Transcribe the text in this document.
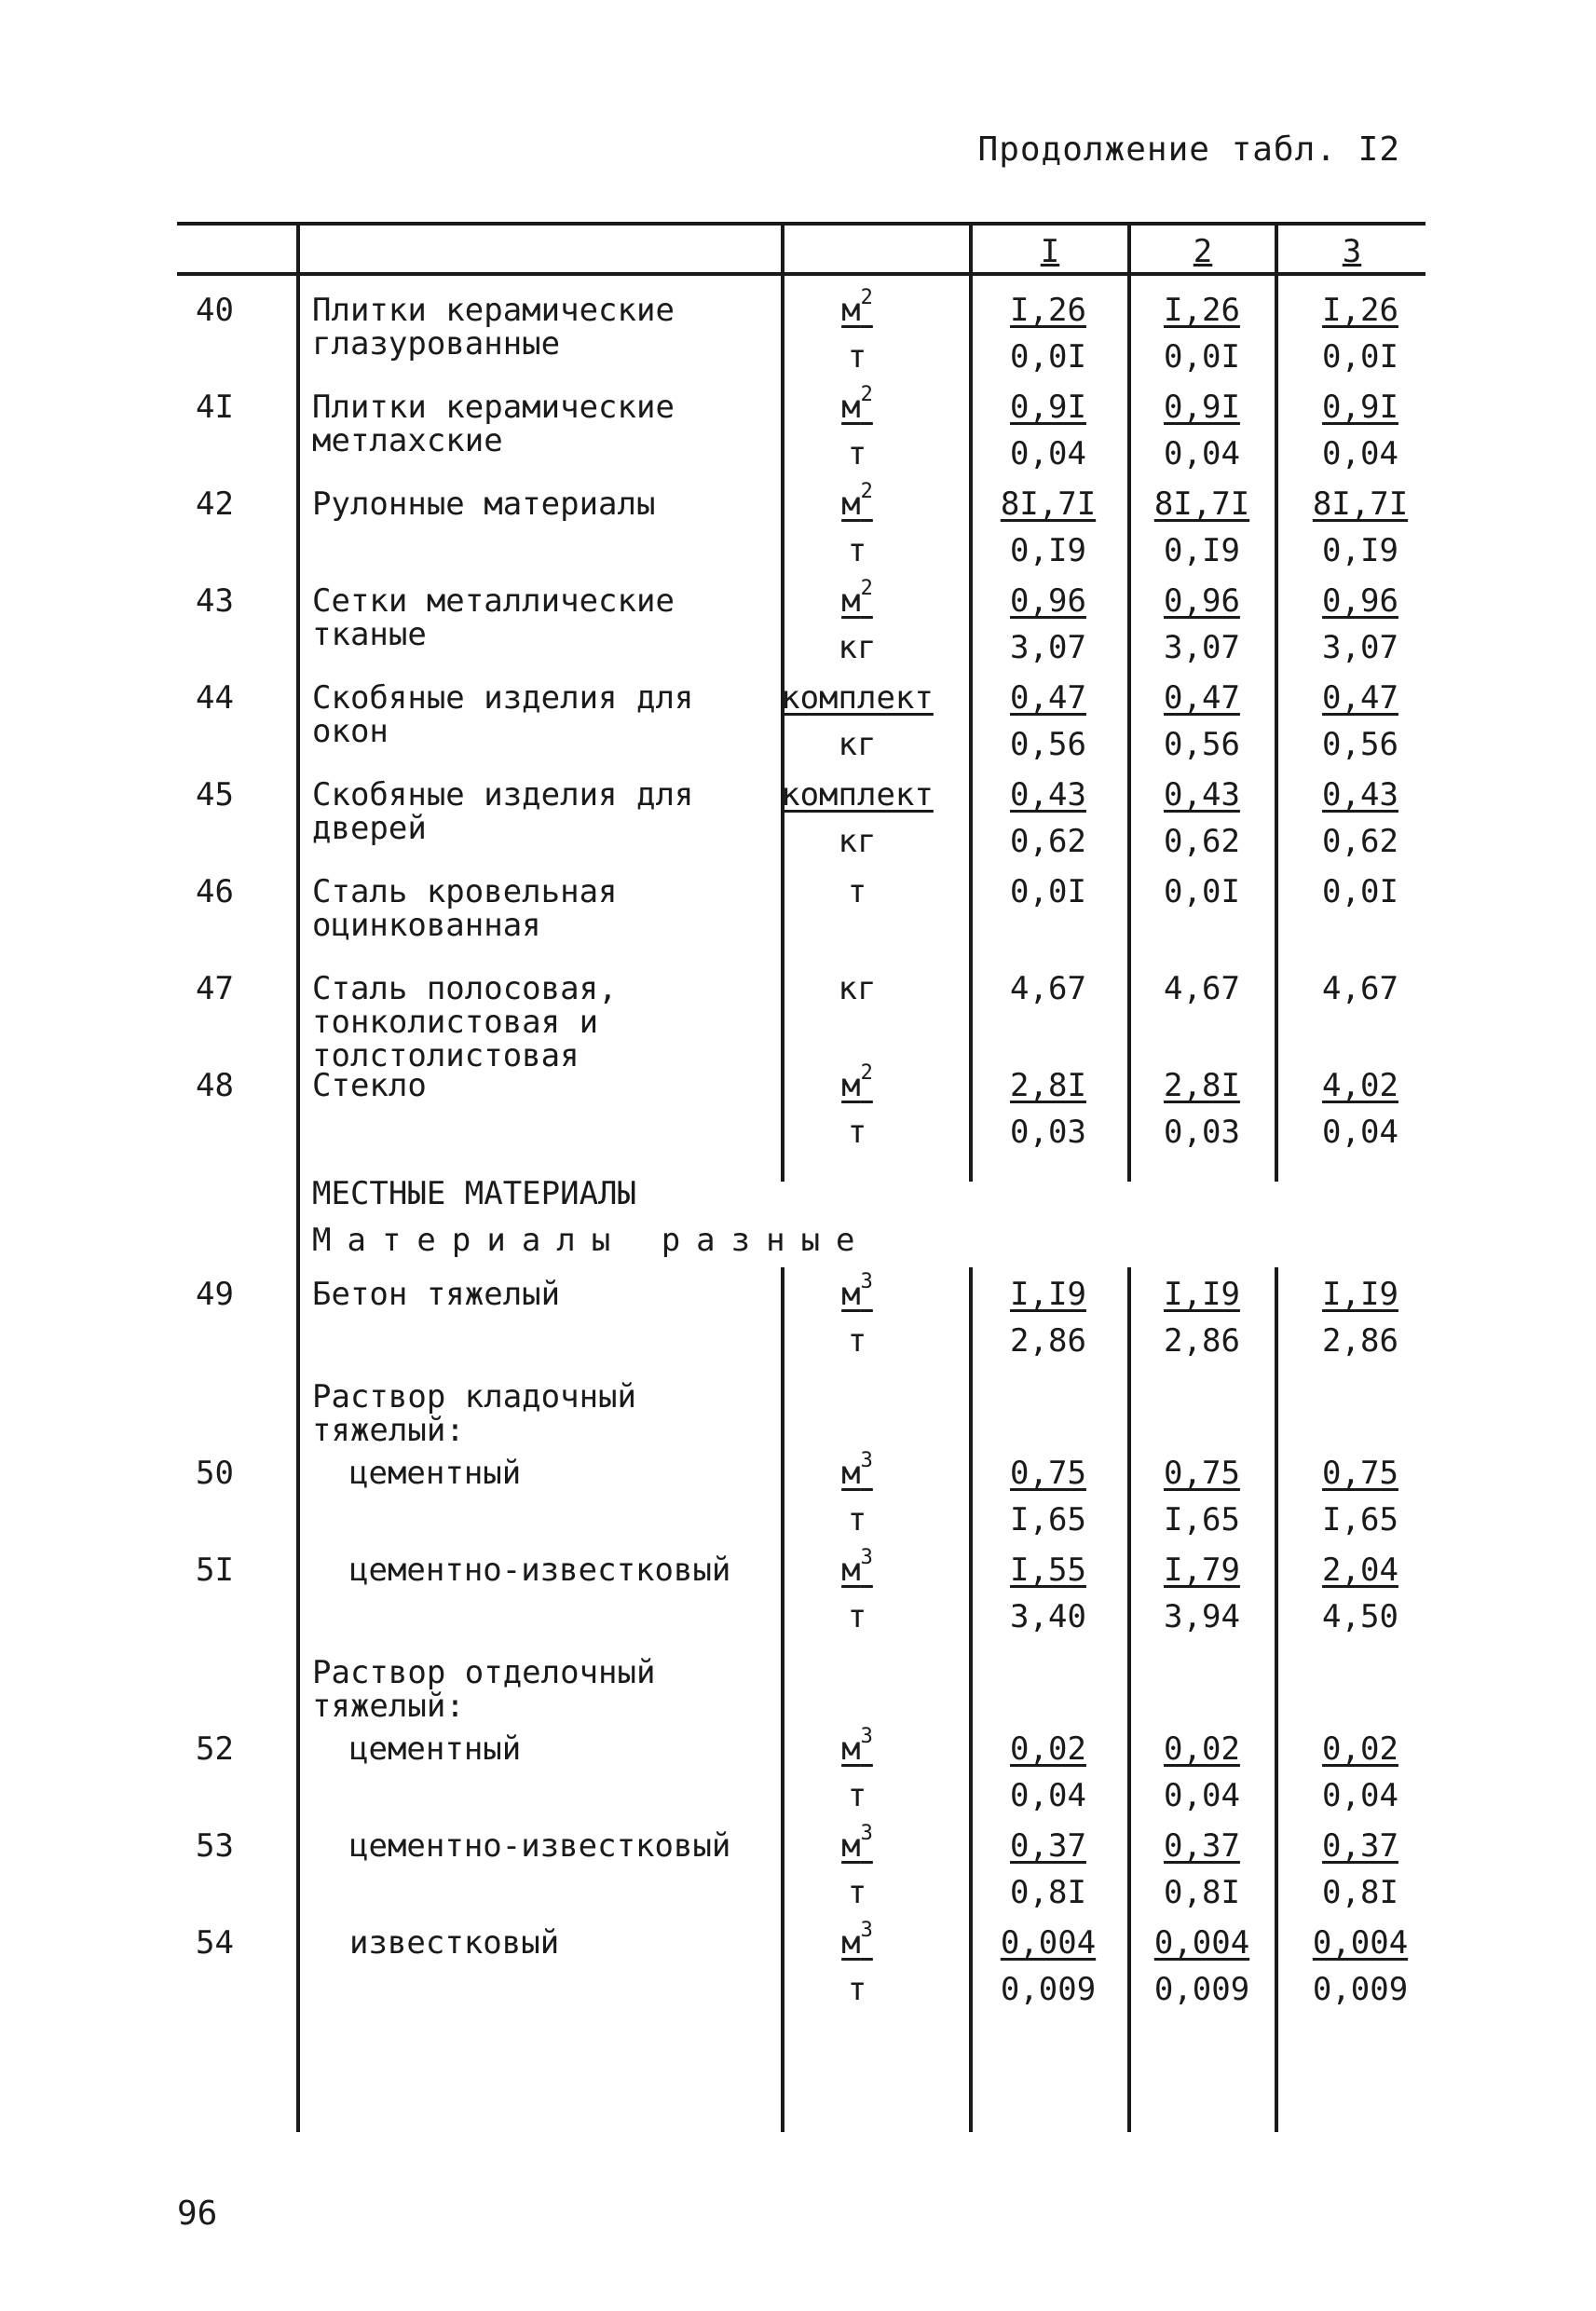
Продолжение табл. I2
I	2	3
40	Плитки керамические глазурованные
$м^2$	I,26	I,26	I,26
т	0,0I	0,0I	0,0I
4I	Плитки керамические метлахские
$м^2$	0,9I	0,9I	0,9I
т	0,04	0,04	0,04
42	Рулонные материалы	$м^2$	8I,7I	8I,7I	8I,7I
т	0,I9	0,I9	0,I9
43	Сетки металлические тканые
$м^2$	0,96	0,96	0,96
кг	3,07	3,07	3,07
44	Скобяные изделия для окон
комплект	0,47	0,47	0,47
кг	0,56	0,56	0,56
45	Скобяные изделия для дверей
комплект	0,43	0,43	0,43
кг	0,62	0,62	0,62
46	Сталь кровельная оцинкованная
т	0,0I	0,0I	0,0I
47	Сталь полосовая, тонколистовая и толстолистовая
кг	4,67	4,67	4,67
48	Стекло	$м^2$	2,8I	2,8I	4,02
т	0,03	0,03	0,04
МЕСТНЫЕ МАТЕРИАЛЫ
Материалы разные
49	Бетон тяжелый	$м^3$	I,I9	I,I9	I,I9
т	2,86	2,86	2,86
Раствор кладочный тяжелый:
50	цементный	$м^3$	0,75	0,75	0,75
т	I,65	I,65	I,65
5I	цементно-известковый	$м^3$	I,55	I,79	2,04
т	3,40	3,94	4,50
Раствор отделочный тяжелый:
52	цементный	$м^3$	0,02	0,02	0,02
т	0,04	0,04	0,04
53	цементно-известковый	$м^3$	0,37	0,37	0,37
т	0,8I	0,8I	0,8I
54	известковый	$м^3$	0,004	0,004	0,004
т	0,009	0,009	0,009
96
